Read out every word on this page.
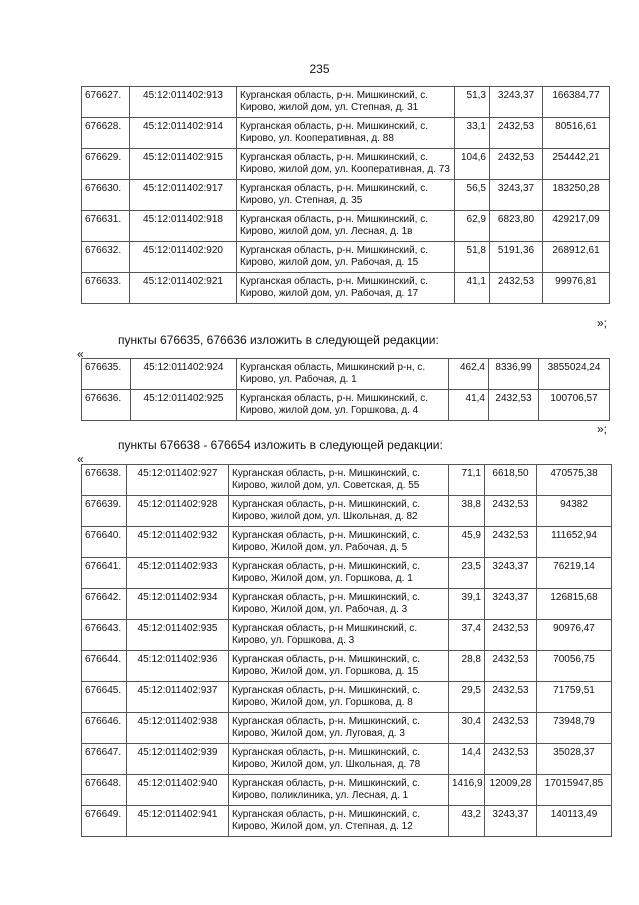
235
676627.	45:12:011402:913	Курганская область, р-н. Мишкинский, с. Кирово, жилой дом, ул. Степная, д. 31	51,3	3243,37	166384,77
676628.	45:12:011402:914	Курганская область, р-н. Мишкинский, с. Кирово, ул. Кооперативная, д. 88	33,1	2432,53	80516,61
676629.	45:12:011402:915	Курганская область, р-н. Мишкинский, с. Кирово, жилой дом, ул. Кооперативная, д. 73	104,6	2432,53	254442,21
676630.	45:12:011402:917	Курганская область, р-н. Мишкинский, с. Кирово, ул. Степная, д. 35	56,5	3243,37	183250,28
676631.	45:12:011402:918	Курганская область, р-н. Мишкинский, с. Кирово, жилой дом, ул. Лесная, д. 1в	62,9	6823,80	429217,09
676632.	45:12:011402:920	Курганская область, р-н. Мишкинский, с. Кирово, жилой дом, ул. Рабочая, д. 15	51,8	5191,36	268912,61
676633.	45:12:011402:921	Курганская область, р-н. Мишкинский, с. Кирово, жилой дом, ул. Рабочая, д. 17	41,1	2432,53	99976,81
»;
пункты 676635, 676636 изложить в следующей редакции:
«
676635.	45:12:011402:924	Курганская область, Мишкинский р-н, с. Кирово, ул. Рабочая, д. 1	462,4	8336,99	3855024,24
676636.	45:12:011402:925	Курганская область, р-н. Мишкинский, с. Кирово, жилой дом, ул. Горшкова, д. 4	41,4	2432,53	100706,57
»;
пункты 676638 - 676654 изложить в следующей редакции:
«
676638.	45:12:011402:927	Курганская область, р-н. Мишкинский, с. Кирово, жилой дом, ул. Советская, д. 55	71,1	6618,50	470575,38
676639.	45:12:011402:928	Курганская область, р-н. Мишкинский, с. Кирово, жилой дом, ул. Школьная, д. 82	38,8	2432,53	94382
676640.	45:12:011402:932	Курганская область, р-н. Мишкинский, с. Кирово, Жилой дом, ул. Рабочая, д. 5	45,9	2432,53	111652,94
676641.	45:12:011402:933	Курганская область, р-н. Мишкинский, с. Кирово, Жилой дом, ул. Горшкова, д. 1	23,5	3243,37	76219,14
676642.	45:12:011402:934	Курганская область, р-н. Мишкинский, с. Кирово, Жилой дом, ул. Рабочая, д. 3	39,1	3243,37	126815,68
676643.	45:12:011402:935	Курганская область, р-н Мишкинский, с. Кирово, ул. Горшкова, д. 3	37,4	2432,53	90976,47
676644.	45:12:011402:936	Курганская область, р-н. Мишкинский, с. Кирово, Жилой дом, ул. Горшкова, д. 15	28,8	2432,53	70056,75
676645.	45:12:011402:937	Курганская область, р-н. Мишкинский, с. Кирово, Жилой дом, ул. Горшкова, д. 8	29,5	2432,53	71759,51
676646.	45:12:011402:938	Курганская область, р-н. Мишкинский, с. Кирово, Жилой дом, ул. Луговая, д. 3	30,4	2432,53	73948,79
676647.	45:12:011402:939	Курганская область, р-н. Мишкинский, с. Кирово, Жилой дом, ул. Школьная, д. 78	14,4	2432,53	35028,37
676648.	45:12:011402:940	Курганская область, р-н. Мишкинский, с. Кирово, поликлиника, ул. Лесная, д. 1	1416,9	12009,28	17015947,85
676649.	45:12:011402:941	Курганская область, р-н. Мишкинский, с. Кирово, Жилой дом, ул. Степная, д. 12	43,2	3243,37	140113,49
